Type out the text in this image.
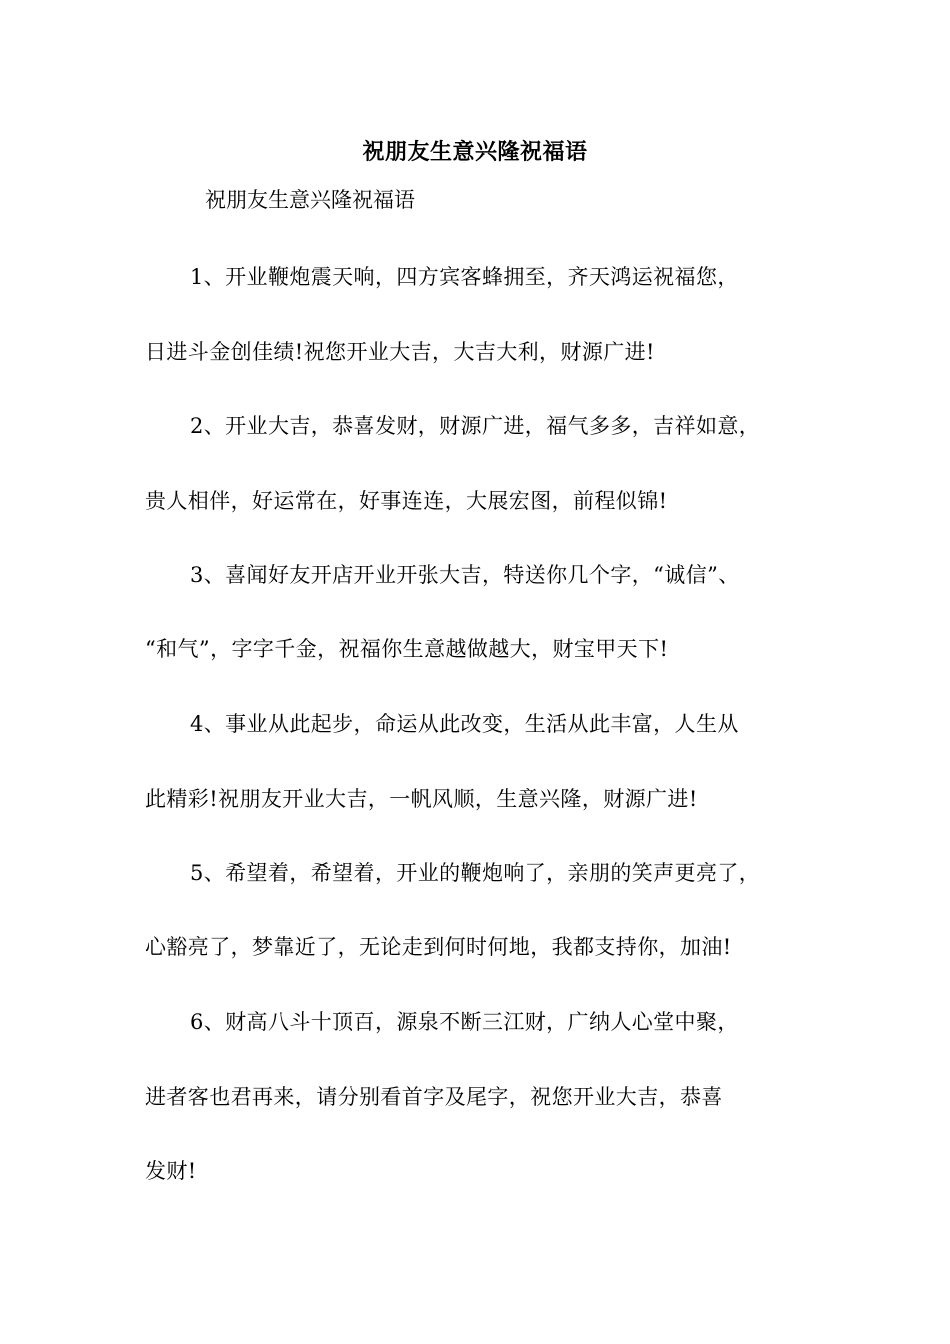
祝朋友生意兴隆祝福语
祝朋友生意兴隆祝福语
1、开业鞭炮震天响，四方宾客蜂拥至，齐天鸿运祝福您，
日进斗金创佳绩!祝您开业大吉，大吉大利，财源广进!
2、开业大吉，恭喜发财，财源广进，福气多多，吉祥如意，
贵人相伴，好运常在，好事连连，大展宏图，前程似锦!
3、喜闻好友开店开业开张大吉，特送你几个字，“诚信”、
“和气”，字字千金，祝福你生意越做越大，财宝甲天下!
4、事业从此起步，命运从此改变，生活从此丰富，人生从
此精彩!祝朋友开业大吉，一帆风顺，生意兴隆，财源广进!
5、希望着，希望着，开业的鞭炮响了，亲朋的笑声更亮了，
心豁亮了，梦靠近了，无论走到何时何地，我都支持你，加油!
6、财高八斗十顶百，源泉不断三江财，广纳人心堂中聚，
进者客也君再来，请分别看首字及尾字，祝您开业大吉，恭喜
发财!
